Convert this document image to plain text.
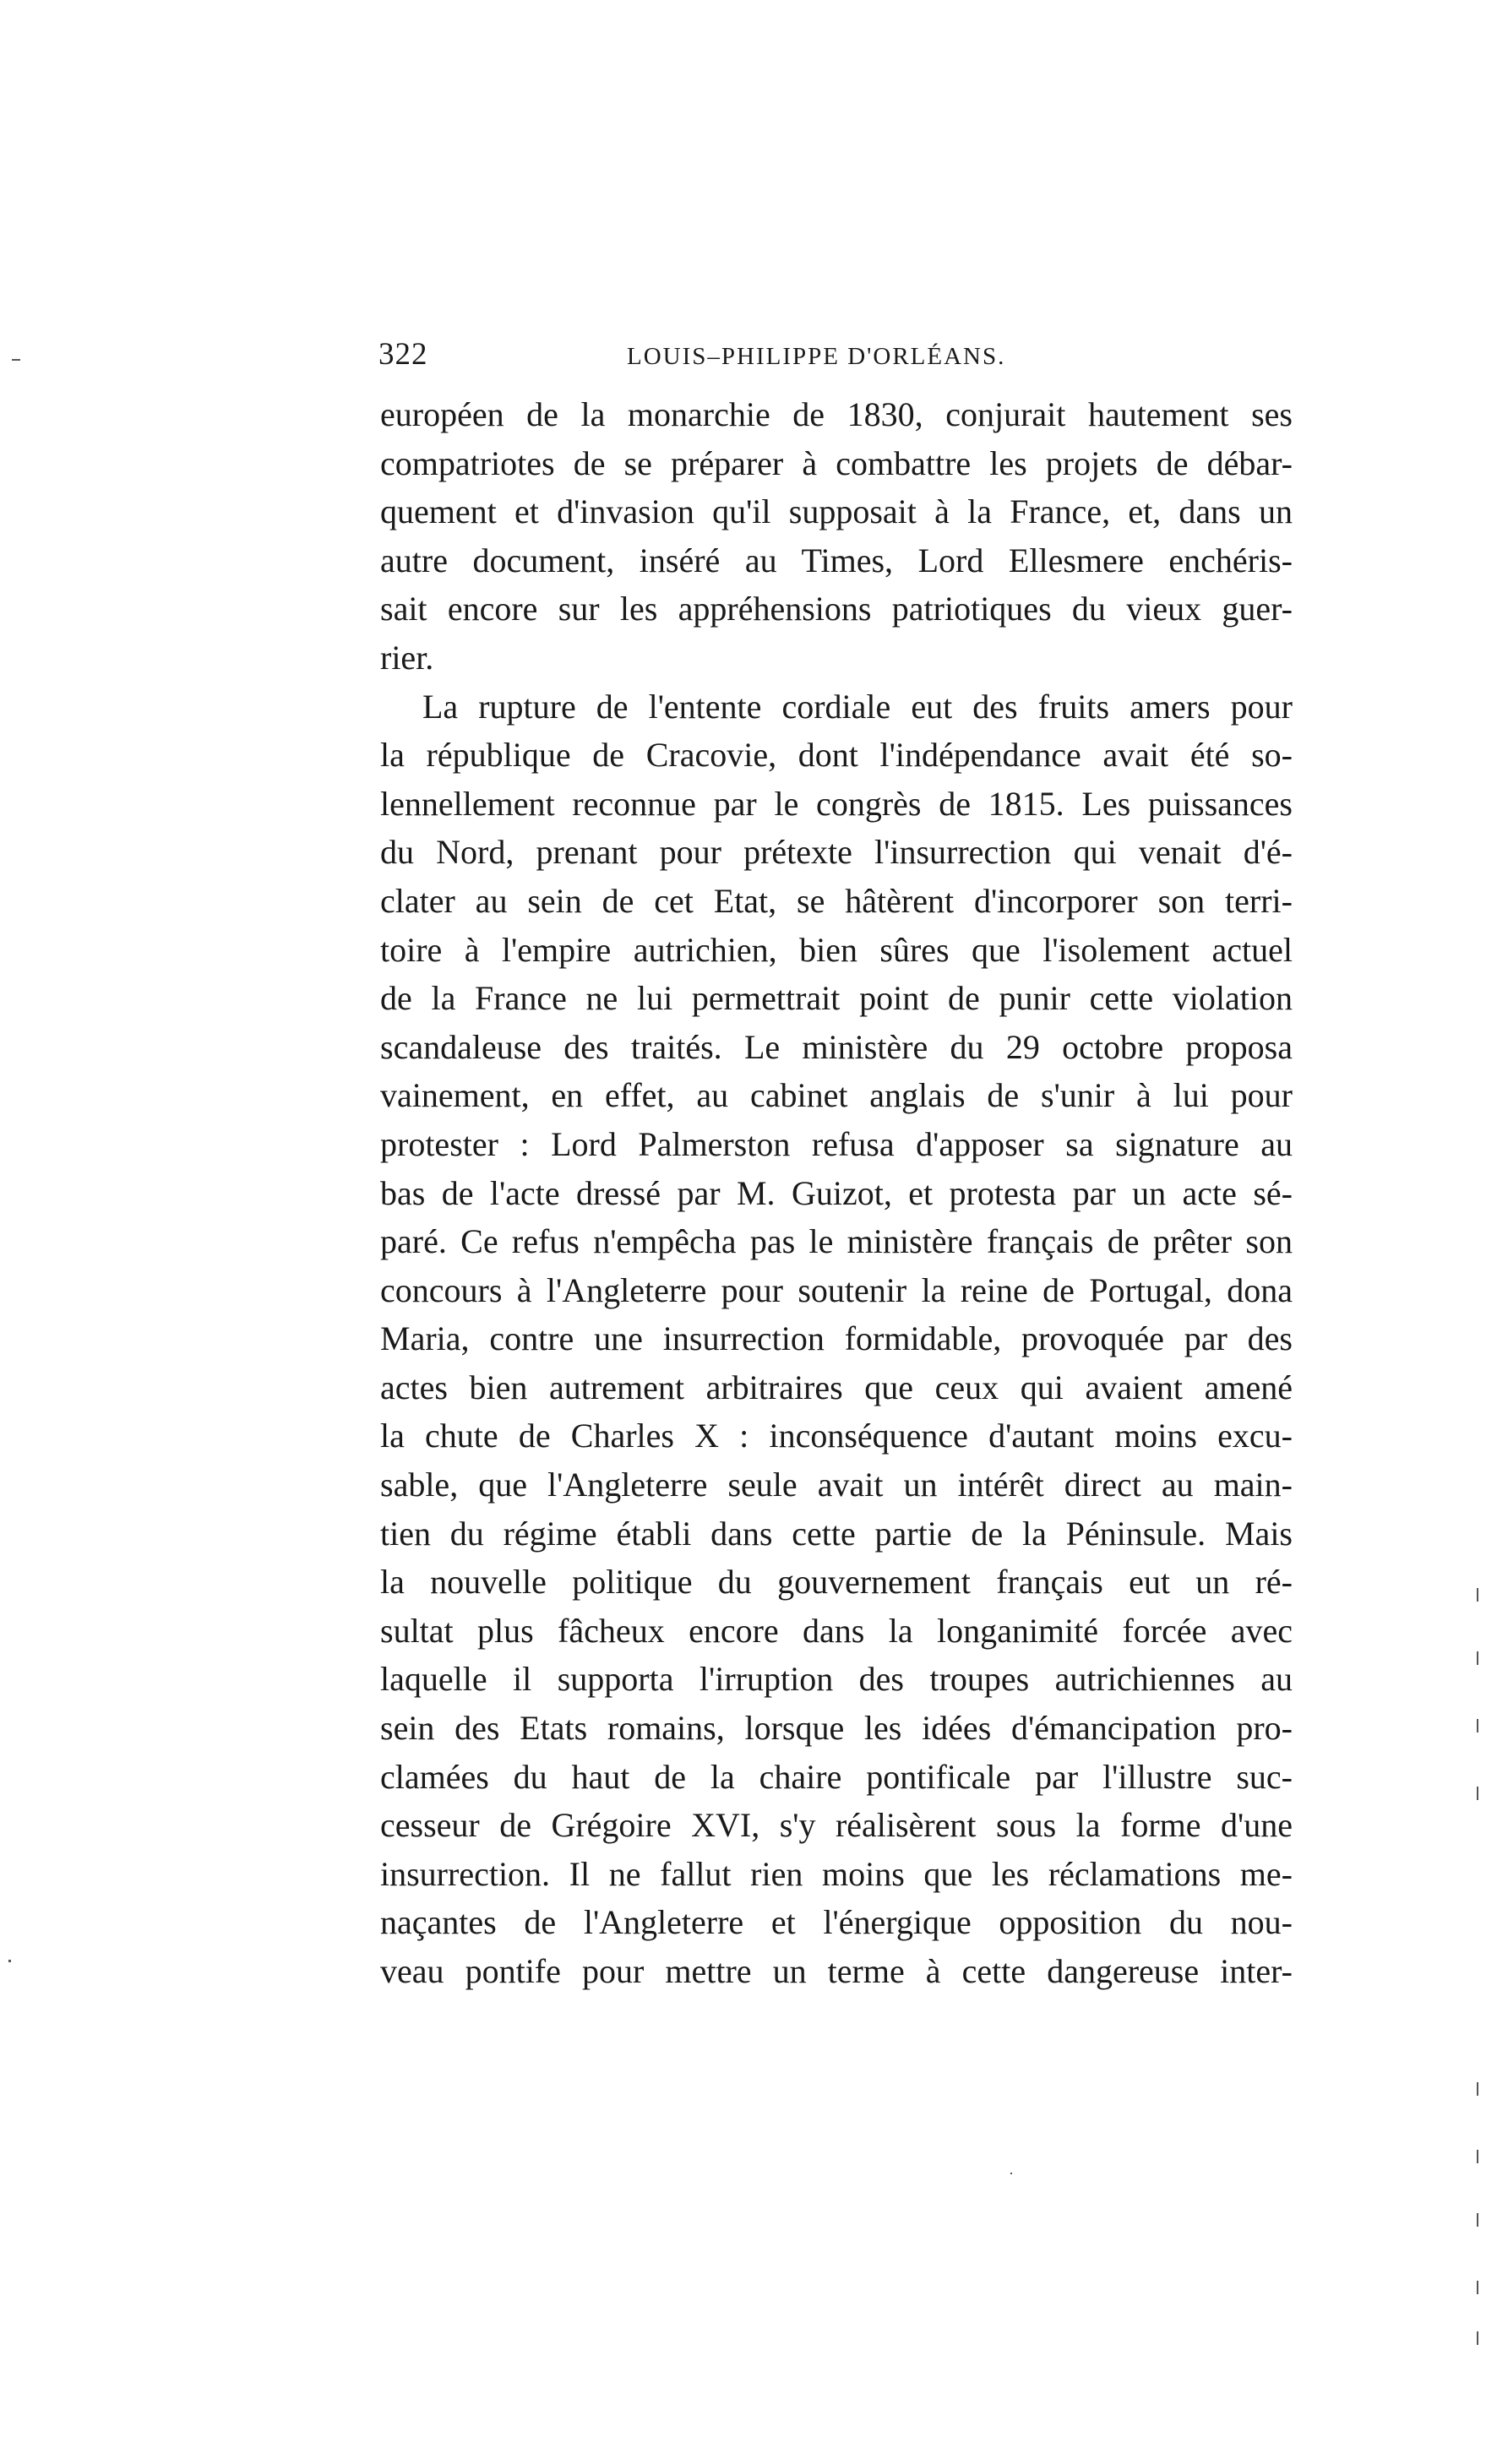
322	LOUIS–PHILIPPE D'ORLÉANS.
européen de la monarchie de 1830, conjurait hautement ses
compatriotes de se préparer à combattre les projets de débar-
quement et d'invasion qu'il supposait à la France, et, dans un
autre document, inséré au Times, Lord Ellesmere enchéris-
sait encore sur les appréhensions patriotiques du vieux guer-
rier.
La rupture de l'entente cordiale eut des fruits amers pour
la république de Cracovie, dont l'indépendance avait été so-
lennellement reconnue par le congrès de 1815. Les puissances
du Nord, prenant pour prétexte l'insurrection qui venait d'é-
clater au sein de cet Etat, se hâtèrent d'incorporer son terri-
toire à l'empire autrichien, bien sûres que l'isolement actuel
de la France ne lui permettrait point de punir cette violation
scandaleuse des traités. Le ministère du 29 octobre proposa
vainement, en effet, au cabinet anglais de s'unir à lui pour
protester : Lord Palmerston refusa d'apposer sa signature au
bas de l'acte dressé par M. Guizot, et protesta par un acte sé-
paré. Ce refus n'empêcha pas le ministère français de prêter son
concours à l'Angleterre pour soutenir la reine de Portugal, dona
Maria, contre une insurrection formidable, provoquée par des
actes bien autrement arbitraires que ceux qui avaient amené
la chute de Charles X : inconséquence d'autant moins excu-
sable, que l'Angleterre seule avait un intérêt direct au main-
tien du régime établi dans cette partie de la Péninsule. Mais
la nouvelle politique du gouvernement français eut un ré-
sultat plus fâcheux encore dans la longanimité forcée avec
laquelle il supporta l'irruption des troupes autrichiennes au
sein des Etats romains, lorsque les idées d'émancipation pro-
clamées du haut de la chaire pontificale par l'illustre suc-
cesseur de Grégoire XVI, s'y réalisèrent sous la forme d'une
insurrection. Il ne fallut rien moins que les réclamations me-
naçantes de l'Angleterre et l'énergique opposition du nou-
veau pontife pour mettre un terme à cette dangereuse inter-
